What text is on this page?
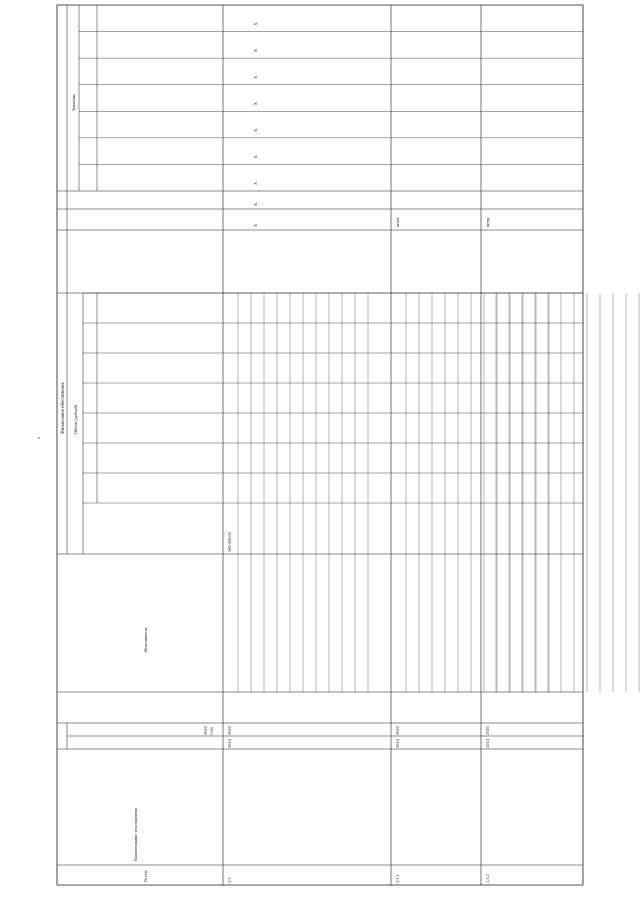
№ п/п
Наименование мероприятия
2020года
Исполнитель
Финансовое обеспечение Объем (рублей)
Значение
1.3
2014
2020
565 000,00
Х
Х
Х
Х
Х
Х
Х
Х
Х
1.3.1
2014
2020
штук
1.3.2
2014
2020
штук
